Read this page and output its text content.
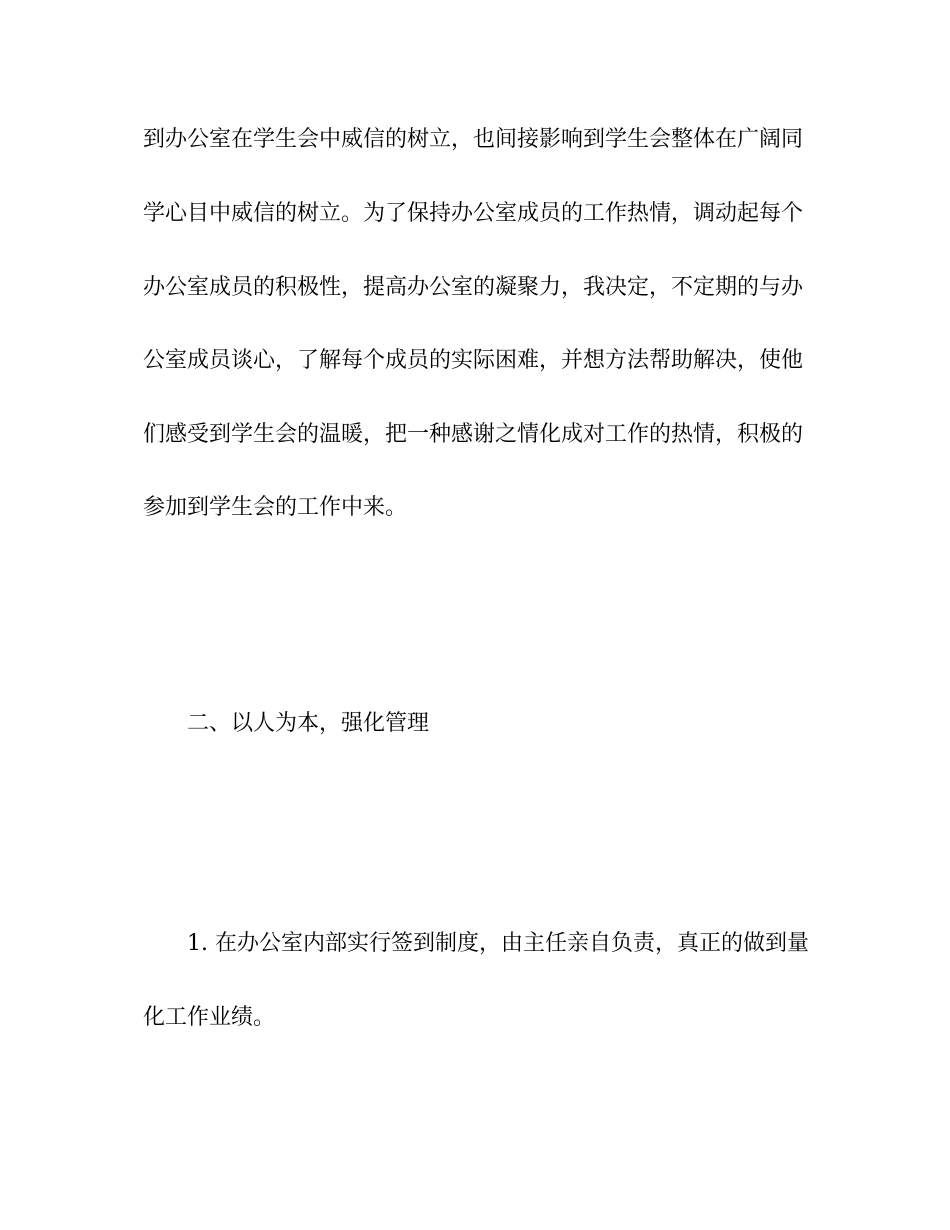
到办公室在学生会中威信的树立，也间接影响到学生会整体在广阔同

学心目中威信的树立。为了保持办公室成员的工作热情，调动起每个

办公室成员的积极性，提高办公室的凝聚力，我决定，不定期的与办

公室成员谈心，了解每个成员的实际困难，并想方法帮助解决，使他

们感受到学生会的温暖，把一种感谢之情化成对工作的热情，积极的

参加到学生会的工作中来。

二、以人为本，强化管理

1. 在办公室内部实行签到制度，由主任亲自负责，真正的做到量

化工作业绩。
